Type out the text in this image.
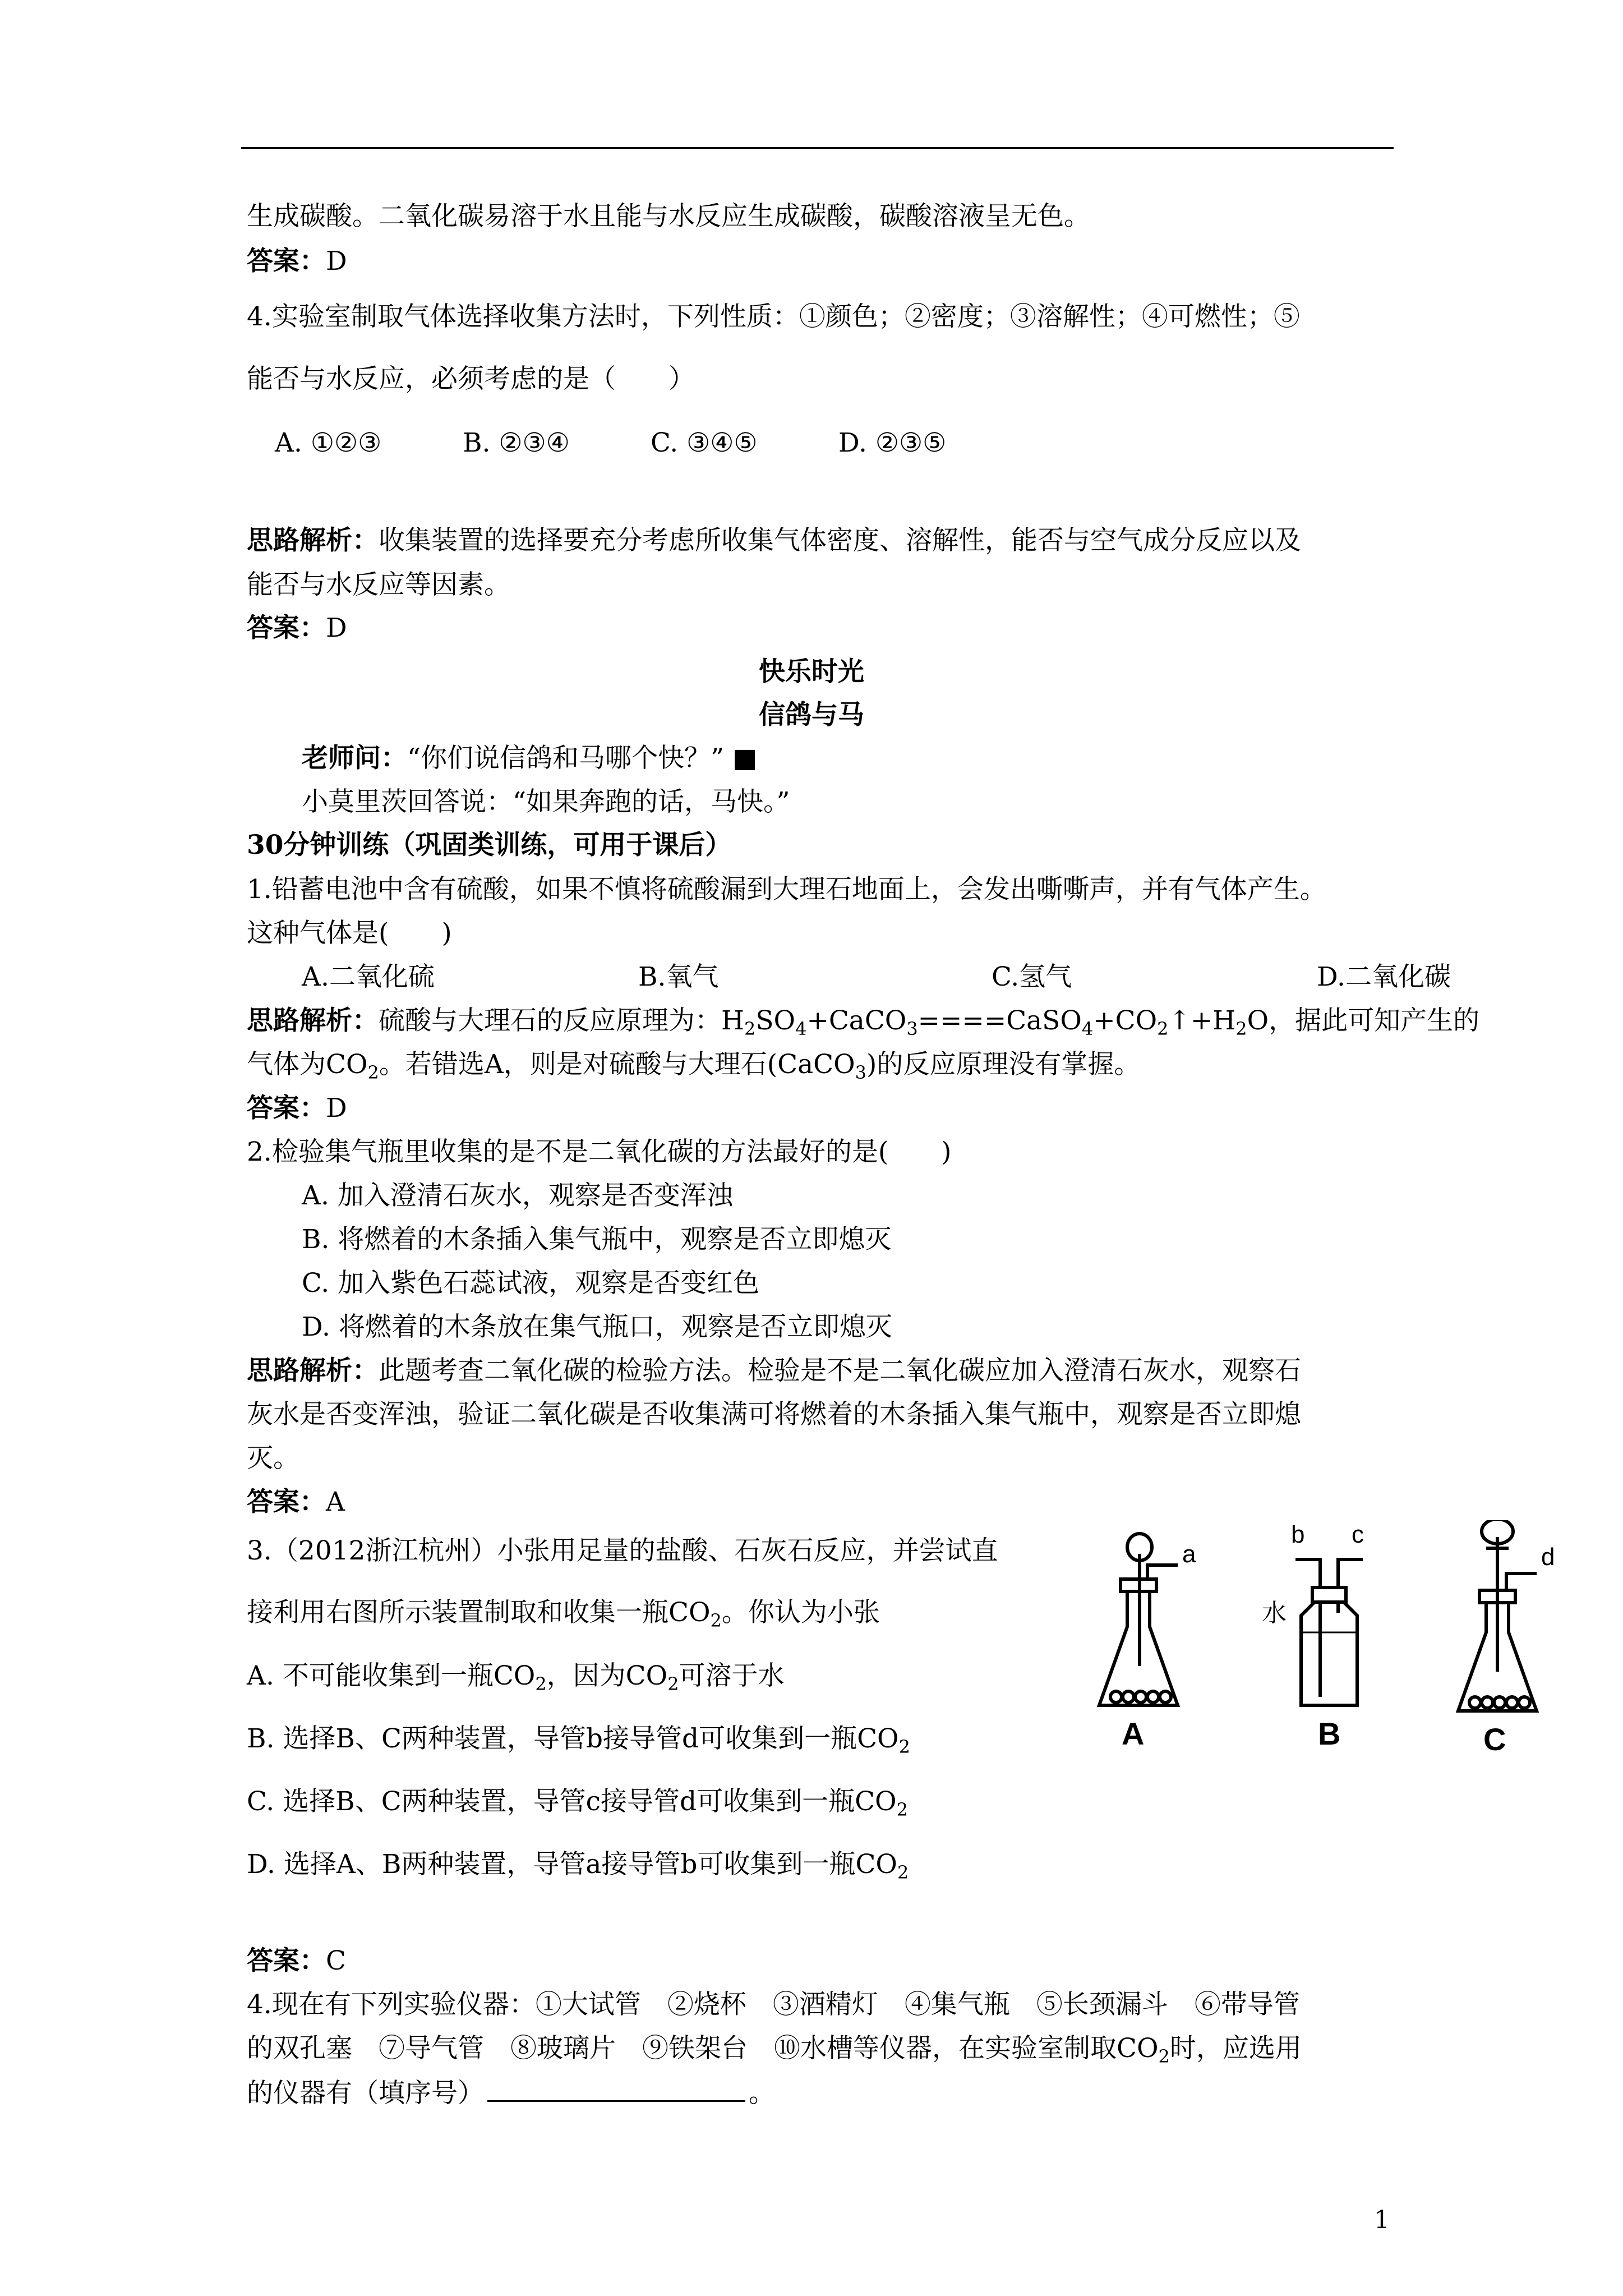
生成碳酸。二氧化碳易溶于水且能与水反应生成碳酸，碳酸溶液呈无色。
答案：D
4.实验室制取气体选择收集方法时，下列性质：①颜色；②密度；③溶解性；④可燃性；⑤
能否与水反应，必须考虑的是（　　）
A. ①②③	B. ②③④	C. ③④⑤	D. ②③⑤
思路解析：收集装置的选择要充分考虑所收集气体密度、溶解性，能否与空气成分反应以及
能否与水反应等因素。
答案：D
快乐时光
信鸽与马
老师问：“你们说信鸽和马哪个快？” ■
小莫里茨回答说：“如果奔跑的话，马快。”
30分钟训练（巩固类训练，可用于课后）
1.铅蓄电池中含有硫酸，如果不慎将硫酸漏到大理石地面上，会发出嘶嘶声，并有气体产生。
这种气体是(　　)
A.二氧化硫	B.氧气	C.氢气	D.二氧化碳
思路解析：硫酸与大理石的反应原理为：$H_2SO_4+CaCO_3====CaSO_4+CO_2↑+H_2O$，据此可知产生的
气体为$CO_2$。若错选A，则是对硫酸与大理石(CaCO$_3$)的反应原理没有掌握。
答案：D
2.检验集气瓶里收集的是不是二氧化碳的方法最好的是(　　)
A. 加入澄清石灰水，观察是否变浑浊
B. 将燃着的木条插入集气瓶中，观察是否立即熄灭
C. 加入紫色石蕊试液，观察是否变红色
D. 将燃着的木条放在集气瓶口，观察是否立即熄灭
思路解析：此题考查二氧化碳的检验方法。检验是不是二氧化碳应加入澄清石灰水，观察石
灰水是否变浑浊，验证二氧化碳是否收集满可将燃着的木条插入集气瓶中，观察是否立即熄
灭。
答案：A
3.（2012浙江杭州）小张用足量的盐酸、石灰石反应，并尝试直
接利用右图所示装置制取和收集一瓶$CO_2$。你认为小张
A. 不可能收集到一瓶$CO_2$，因为$CO_2$可溶于水
B. 选择B、C两种装置，导管b接导管d可收集到一瓶$CO_2$
C. 选择B、C两种装置，导管c接导管d可收集到一瓶$CO_2$
D. 选择A、B两种装置，导管a接导管b可收集到一瓶$CO_2$
a
A
b c
水
B
d
C
答案：C
4.现在有下列实验仪器：①大试管　②烧杯　③酒精灯　④集气瓶　⑤长颈漏斗　⑥带导管
的双孔塞　⑦导气管　⑧玻璃片　⑨铁架台　⑩水槽等仪器，在实验室制取$CO_2$时，应选用
的仪器有（填序号）	。
1
